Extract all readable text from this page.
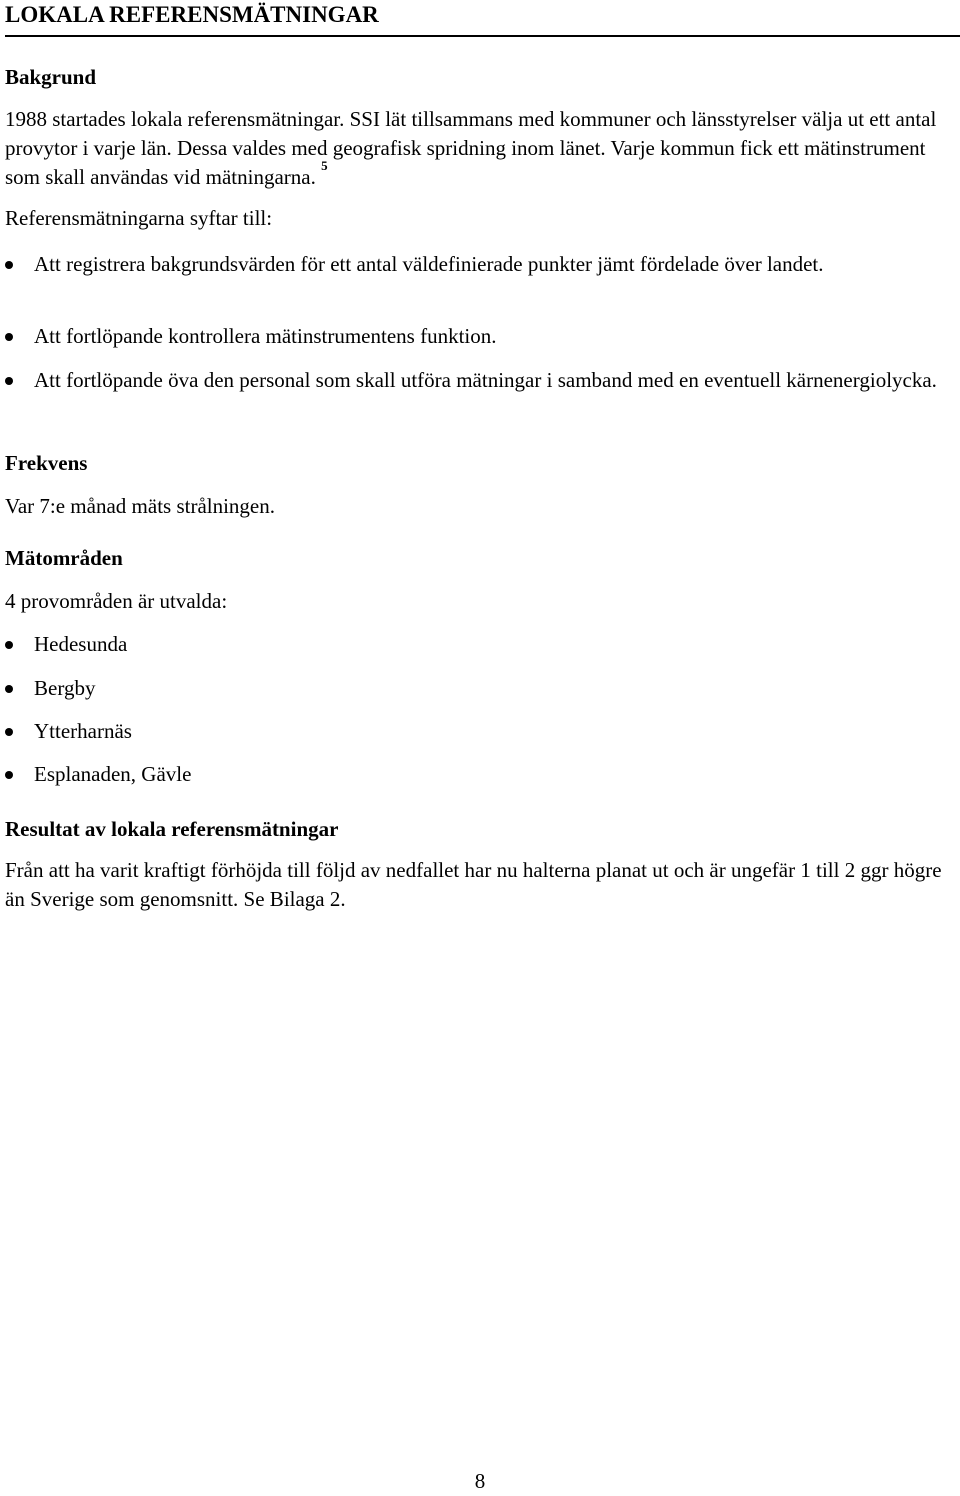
LOKALA REFERENSMÄTNINGAR
Bakgrund
1988 startades lokala referensmätningar. SSI lät tillsammans med kommuner och länsstyrelser välja ut ett antal provytor i varje län. Dessa valdes med geografisk spridning inom länet. Varje kommun fick ett mätinstrument som skall användas vid mätningarna. $^5$
Referensmätningarna syftar till:
Att registrera bakgrundsvärden för ett antal väldefinierade punkter jämt fördelade över landet.
Att fortlöpande kontrollera mätinstrumentens funktion.
Att fortlöpande öva den personal som skall utföra mätningar i samband med en eventuell kärnenergiolycka.
Frekvens
Var 7:e månad mäts strålningen.
Mätområden
4 provområden är utvalda:
Hedesunda
Bergby
Ytterharnäs
Esplanaden, Gävle
Resultat av lokala referensmätningar
Från att ha varit kraftigt förhöjda till följd av nedfallet har nu halterna planat ut och är ungefär 1 till 2 ggr högre än Sverige som genomsnitt. Se Bilaga 2.
8
